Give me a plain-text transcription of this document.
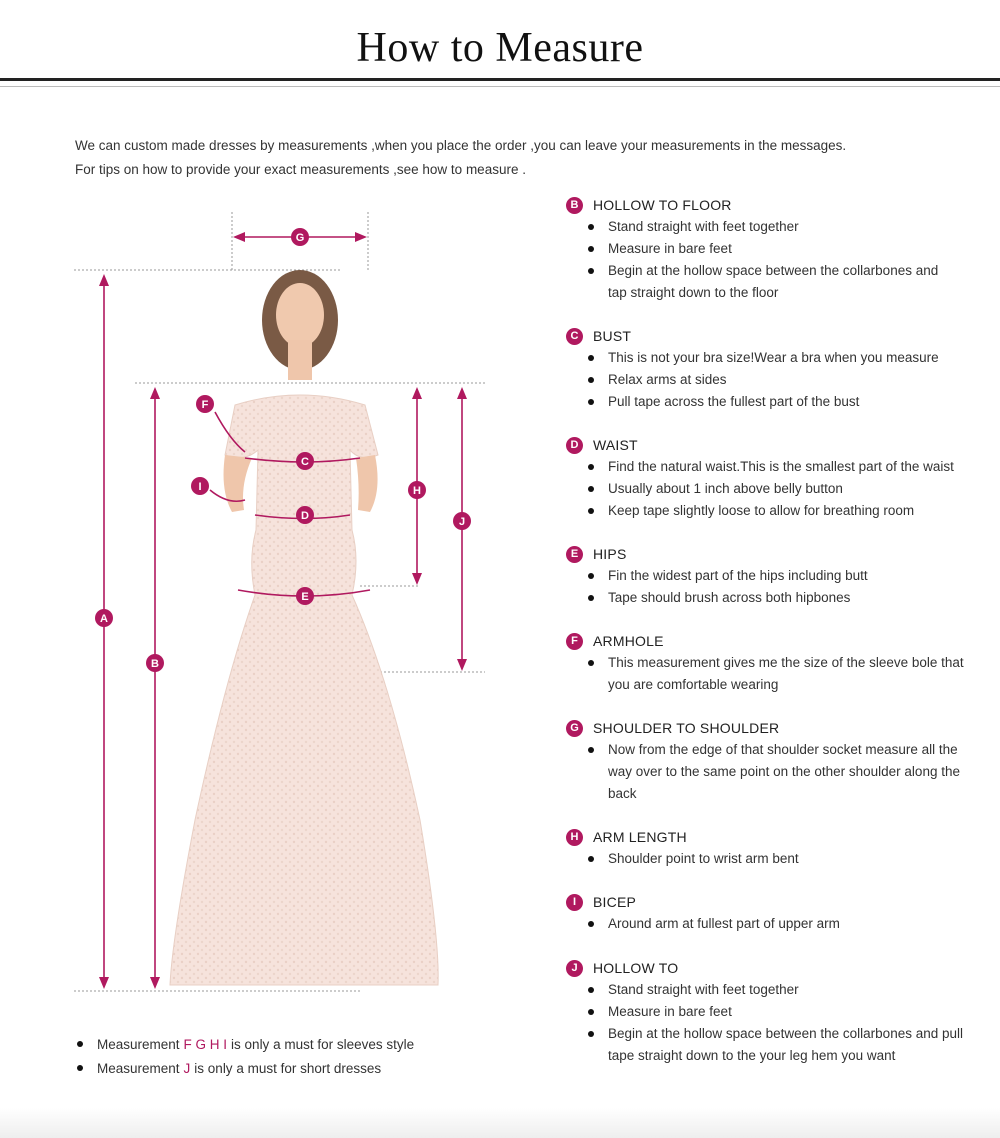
How to Measure
We can custom made dresses by measurements ,when you place the order ,you can leave your measurements in the messages.
For tips on how to provide your exact measurements ,see how to measure .
A
B
C
D
E
F
G
H
I
J
Measurement F G H I is only a must for sleeves style
Measurement J is only a must for short dresses
B	HOLLOW TO FLOOR
Stand straight with feet together
Measure in bare feet
Begin at the hollow space between the collarbones and
tap straight down to the floor
C	BUST
This is not your bra size!Wear a bra when you measure
Relax arms at sides
Pull tape across the fullest part of the bust
D	WAIST
Find the natural waist.This is the smallest part of the waist
Usually about 1 inch above belly button
Keep tape slightly loose to allow for breathing room
E	HIPS
Fin the widest part of the hips including butt
Tape should brush across both hipbones
F	ARMHOLE
This measurement gives me the size of the sleeve bole that
you are comfortable wearing
G	SHOULDER TO SHOULDER
Now from the edge of that shoulder socket measure all the
way over to the same point on the other shoulder along the
back
H	ARM LENGTH
Shoulder point to wrist arm bent
I	BICEP
Around arm at fullest part of upper arm
J	HOLLOW TO
Stand straight with feet together
Measure in bare feet
Begin at the hollow space between the collarbones and pull
tape straight down to the your leg hem you want
